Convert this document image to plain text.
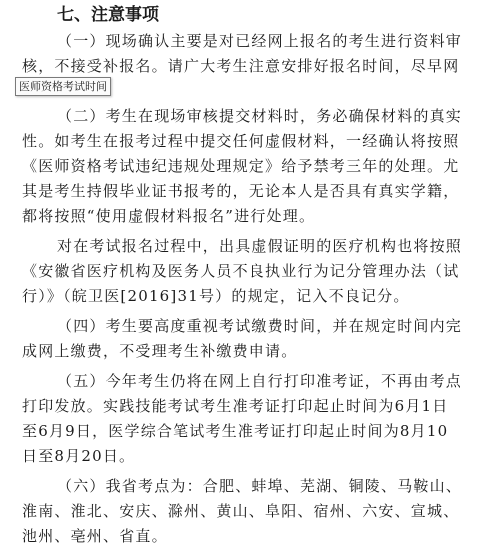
七、注意事项
（一）现场确认主要是对已经网上报名的考生进行资料审
核，不接受补报名。请广大考生注意安排好报名时间，尽早网
（二）考生在现场审核提交材料时，务必确保材料的真实
性。如考生在报考过程中提交任何虚假材料，一经确认将按照
《医师资格考试违纪违规处理规定》给予禁考三年的处理。尤
其是考生持假毕业证书报考的，无论本人是否具有真实学籍，
都将按照“使用虚假材料报名”进行处理。
对在考试报名过程中，出具虚假证明的医疗机构也将按照
《安徽省医疗机构及医务人员不良执业行为记分管理办法（试
行）》（皖卫医[2016]31号）的规定，记入不良记分。
（四）考生要高度重视考试缴费时间，并在规定时间内完
成网上缴费，不受理考生补缴费申请。
（五）今年考生仍将在网上自行打印准考证，不再由考点
打印发放。实践技能考试考生准考证打印起止时间为6月1日
至6月9日，医学综合笔试考生准考证打印起止时间为8月10
日至8月20日。
（六）我省考点为：合肥、蚌埠、芜湖、铜陵、马鞍山、
淮南、淮北、安庆、滁州、黄山、阜阳、宿州、六安、宣城、
池州、亳州、省直。
医师资格考试时间
